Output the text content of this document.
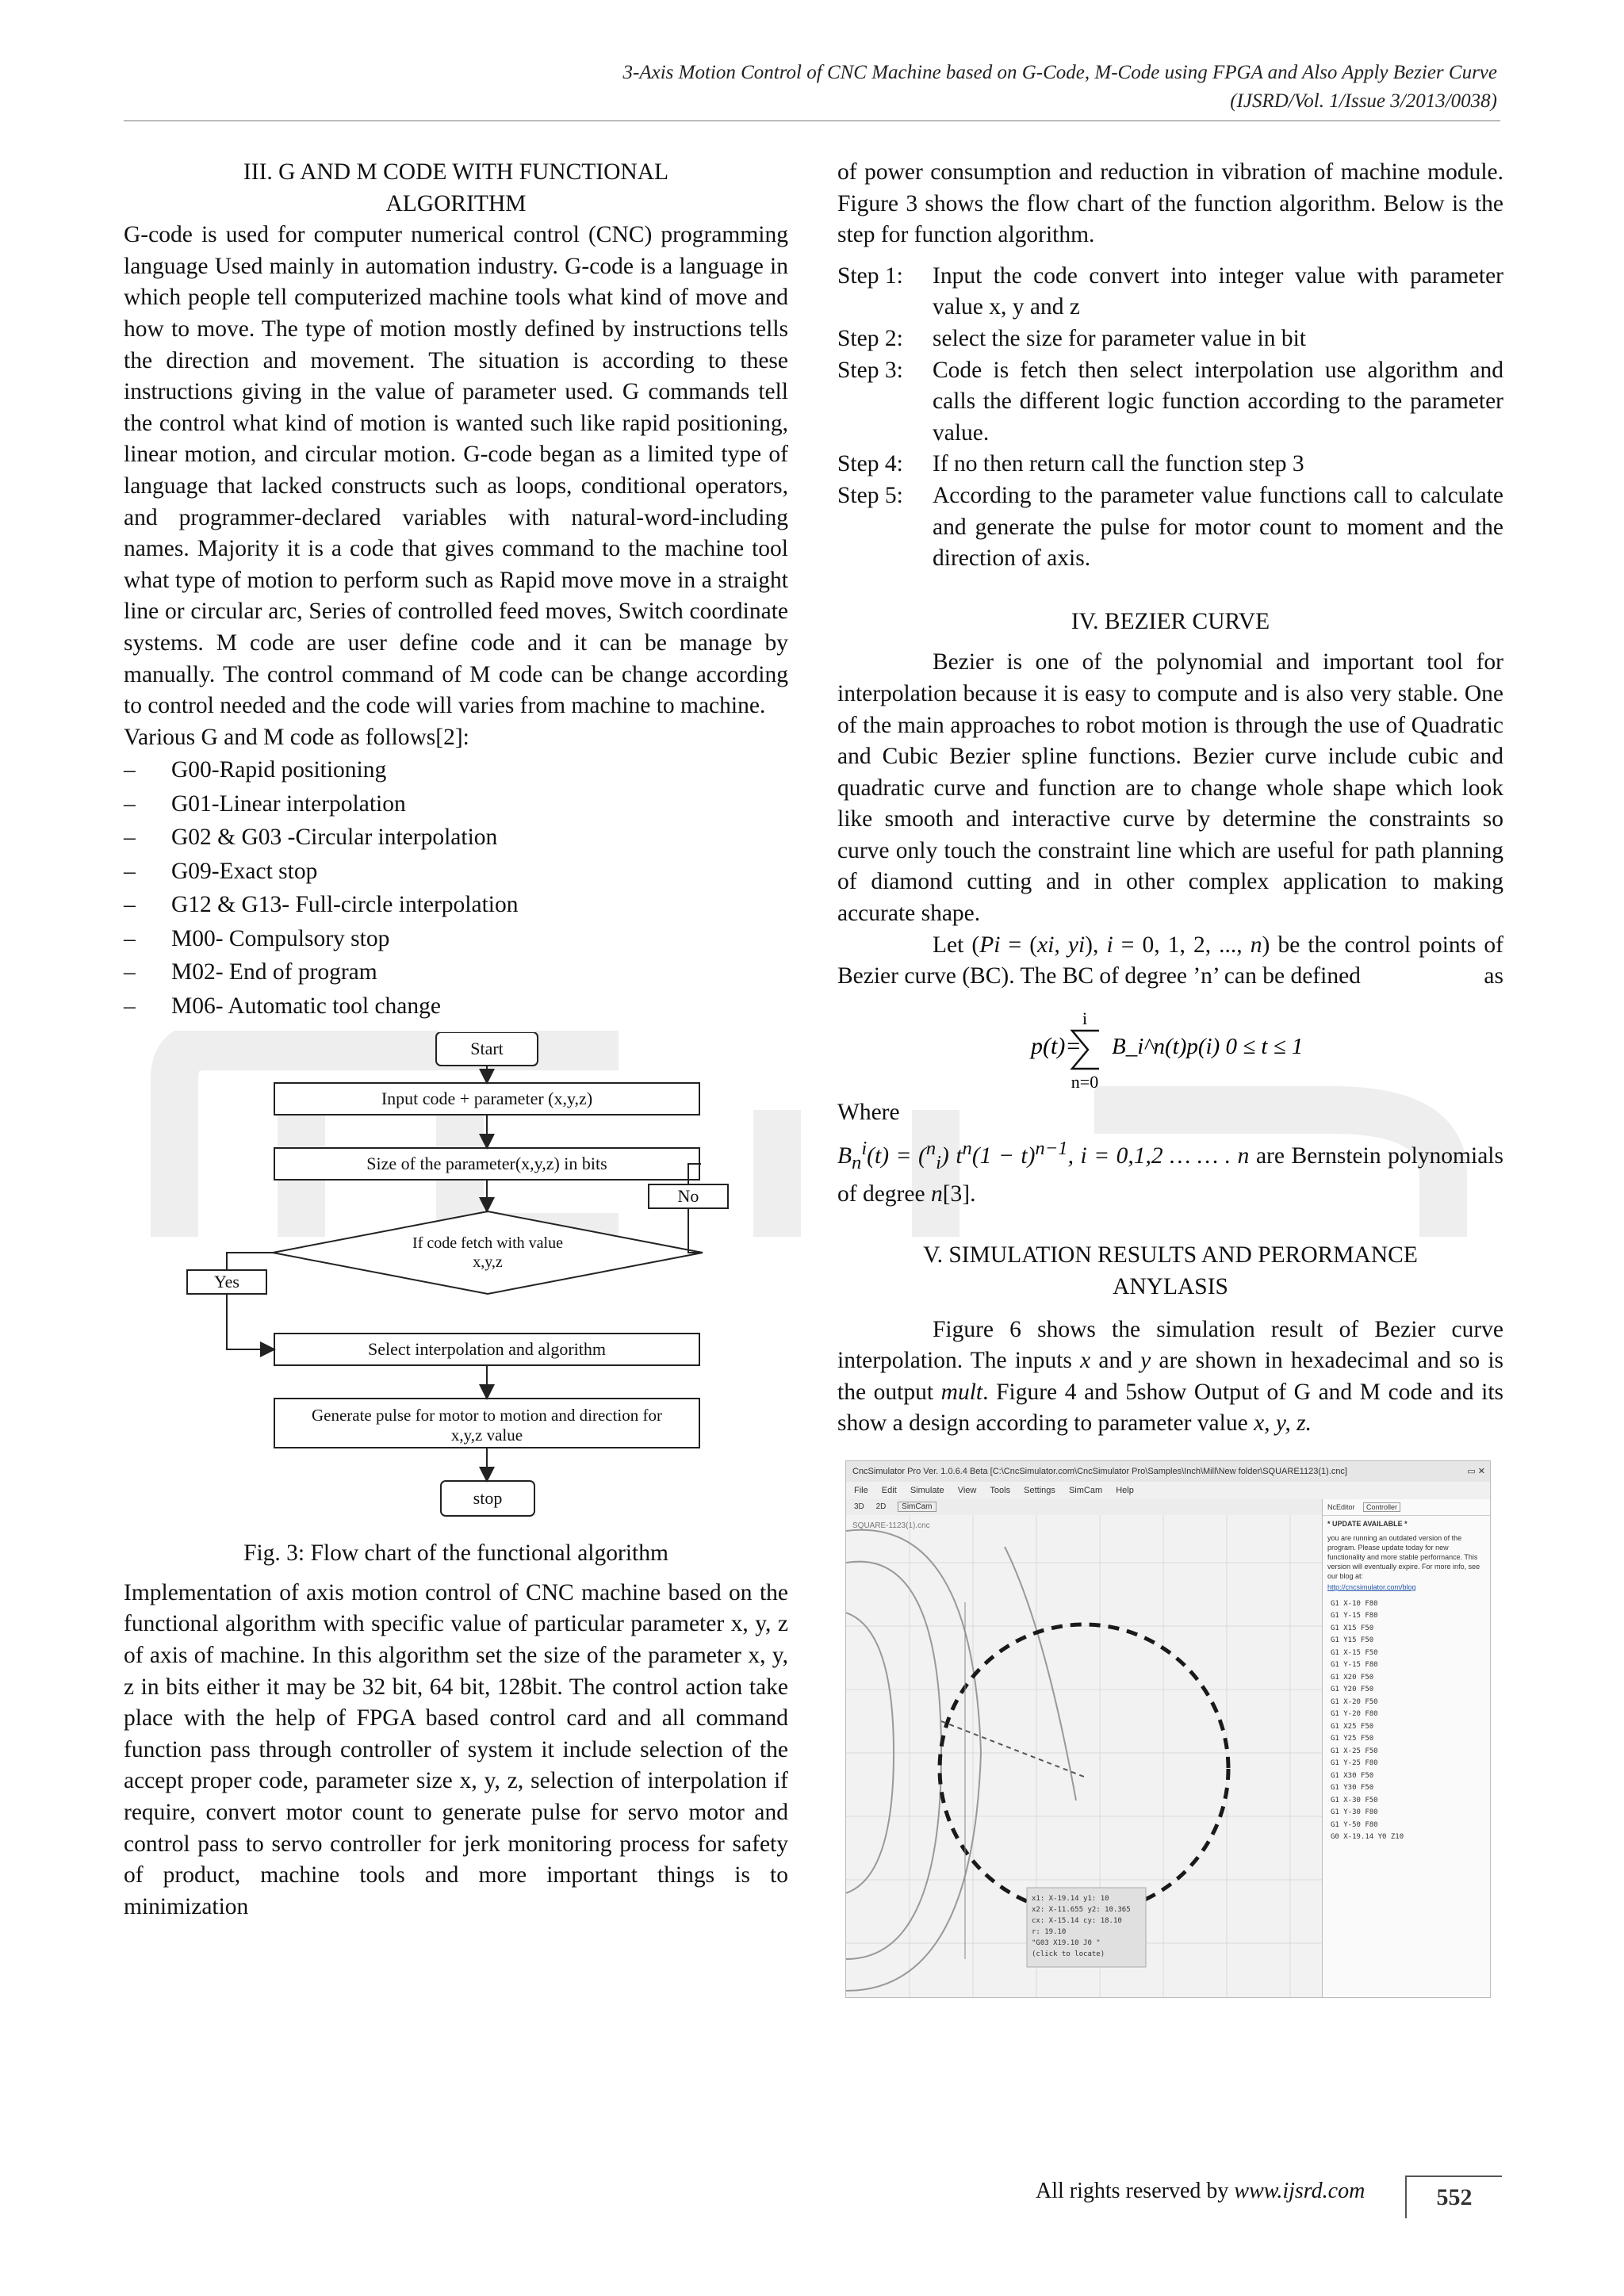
3-Axis Motion Control of CNC Machine based on G-Code, M-Code using FPGA and Also Apply Bezier Curve
(IJSRD/Vol. 1/Issue 3/2013/0038)

III. G AND M CODE WITH FUNCTIONAL

ALGORITHM

G-code is used for computer numerical control (CNC) programming language Used mainly in automation industry. G-code is a language in which people tell computerized machine tools what kind of move and how to move. The type of motion mostly defined by instructions tells the direction and movement. The situation is according to these instructions giving in the value of parameter used. G commands tell the control what kind of motion is wanted such like rapid positioning, linear motion, and circular motion. G-code began as a limited type of language that lacked constructs such as loops, conditional operators, and programmer-declared variables with natural-word-including names. Majority it is a code that gives command to the machine tool what type of motion to perform such as Rapid move move in a straight line or circular arc, Series of controlled feed moves, Switch coordinate systems. M code are user define code and it can be manage by manually. The control command of M code can be change according to control needed and the code will varies from machine to machine.

Various G and M code as follows[2]:

– G00-Rapid positioning

– G01-Linear interpolation

– G02 & G03 -Circular interpolation

– G09-Exact stop

– G12 & G13- Full-circle interpolation

– M00- Compulsory stop

– M02- End of program

– M06- Automatic tool change

Start
Input code + parameter (x,y,z)
Size of the parameter(x,y,z) in bits
If code fetch with value
x,y,z
No
Yes
Select interpolation and algorithm
Generate pulse for motor to motion and direction for
x,y,z value
stop

Fig. 3: Flow chart of the functional algorithm

Implementation of axis motion control of CNC machine based on the functional algorithm with specific value of particular parameter x, y, z of axis of machine. In this algorithm set the size of the parameter x, y, z in bits either it may be 32 bit, 64 bit, 128bit. The control action take place with the help of FPGA based control card and all command function pass through controller of system it include selection of the accept proper code, parameter size x, y, z, selection of interpolation if require, convert motor count to generate pulse for servo motor and control pass to servo controller for jerk monitoring process for safety of product, machine tools and more important things is to minimization

of power consumption and reduction in vibration of machine module. Figure 3 shows the flow chart of the function algorithm. Below is the step for function algorithm.

Step 1:	Input the code convert into integer value with parameter value x, y and z
Step 2:	select the size for parameter value in bit
Step 3:	Code is fetch then select interpolation use algorithm and calls the different logic function according to the parameter value.
Step 4:	If no then return call the function step 3
Step 5:	According to the parameter value functions call to calculate and generate the pulse for motor count to moment and the direction of axis.

IV. BEZIER CURVE

Bezier is one of the polynomial and important tool for interpolation because it is easy to compute and is also very stable. One of the main approaches to robot motion is through the use of Quadratic and Cubic Bezier spline functions. Bezier curve include cubic and quadratic curve and function are to change whole shape which look like smooth and interactive curve by determine the constraints so curve only touch the constraint line which are useful for path planning of diamond cutting and in other complex application to making accurate shape.

Let (Pi = (xi, yi), i = 0, 1, 2, ..., n) be the control points of Bezier curve (BC). The BC of degree ’n’ can be defined	as

p(t)=
i
n=0
B_i^n(t)p(i) 0 ≤ t ≤ 1

Where

$B_n^i(t) = (^n_i) t^n(1 - t)^{n-1}$, i = 0,1,2 … … . n are Bernstein polynomials of degree n[3].

V. SIMULATION RESULTS AND PERORMANCE

ANYLASIS

Figure 6 shows the simulation result of Bezier curve interpolation. The inputs x and y are shown in hexadecimal and so is the output mult. Figure 4 and 5show Output of G and M code and its show a design according to parameter value x, y, z.

CncSimulator Pro Ver. 1.0.6.4 Beta [C:\CncSimulator.com\CncSimulator Pro\Samples\Inch\Mill\New folder\SQUARE1123(1).cnc]	▭ ✕
File Edit Simulate View Tools Settings SimCam Help
3D 2D SimCam
SQUARE-1123(1).cnc
x1: X-19.14 y1: 10
x2: X-11.655 y2: 10.365
cx: X-15.14 cy: 18.10
r: 19.10
"G03 X19.10 J0 "
(click to locate)
NcEditor Controller
* UPDATE AVAILABLE *
you are running an outdated version of the program. Please update today for new functionality and more stable performance. This version will eventually expire. For more info, see our blog at:
http://cncsimulator.com/blog
G1 X-10 F80
G1 Y-15 F80
G1 X15 F50
G1 Y15 F50
G1 X-15 F50
G1 Y-15 F80
G1 X20 F50
G1 Y20 F50
G1 X-20 F50
G1 Y-20 F80
G1 X25 F50
G1 Y25 F50
G1 X-25 F50
G1 Y-25 F80
G1 X30 F50
G1 Y30 F50
G1 X-30 F50
G1 Y-30 F80
G1 Y-50 F80
G0 X-19.14 Y0 Z10
All rights reserved by www.ijsrd.com	552
